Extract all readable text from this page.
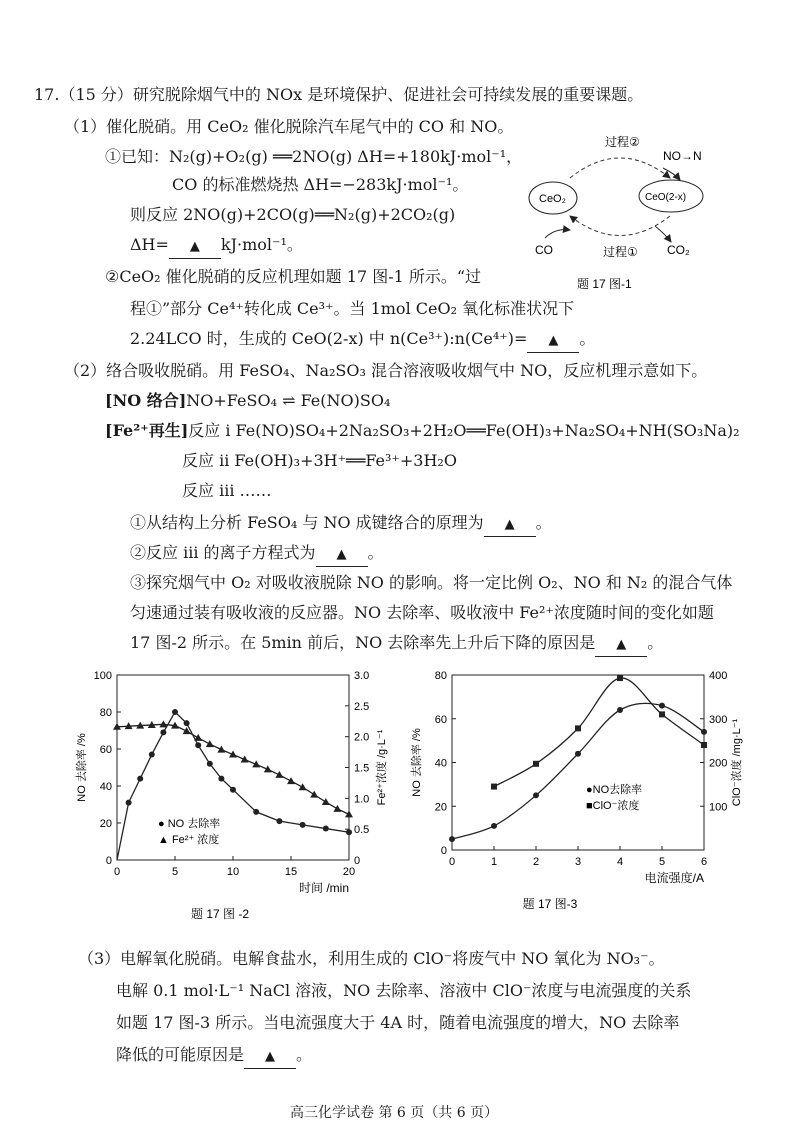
17.（15 分）研究脱除烟气中的 NOx 是环境保护、促进社会可持续发展的重要课题。
（1）催化脱硝。用 CeO₂ 催化脱除汽车尾气中的 CO 和 NO。
①已知：N₂(g)+O₂(g) ══2NO(g) ΔH=+180kJ·mol⁻¹，
CO 的标准燃烧热 ΔH=−283kJ·mol⁻¹。
则反应 2NO(g)+2CO(g)══N₂(g)+2CO₂(g)
ΔH= ▲ kJ·mol⁻¹。
②CeO₂ 催化脱硝的反应机理如题 17 图-1 所示。“过
程①”部分 Ce⁴⁺转化成 Ce³⁺。当 1mol CeO₂ 氧化标准状况下
2.24LCO 时，生成的 CeO(2-x) 中 n(Ce³⁺):n(Ce⁴⁺)= ▲ 。
过程②
过程①
CeO₂	CeO(2-x)
NO→N
CO	CO₂
题 17 图-1
（2）络合吸收脱硝。用 FeSO₄、Na₂SO₃ 混合溶液吸收烟气中 NO，反应机理示意如下。
[NO 络合]NO+FeSO₄ ⇌ Fe(NO)SO₄
[Fe²⁺再生]反应 i Fe(NO)SO₄+2Na₂SO₃+2H₂O══Fe(OH)₃+Na₂SO₄+NH(SO₃Na)₂
反应 ii Fe(OH)₃+3H⁺══Fe³⁺+3H₂O
反应 iii ……
①从结构上分析 FeSO₄ 与 NO 成键络合的原理为 ▲ 。
②反应 iii 的离子方程式为 ▲ 。
③探究烟气中 O₂ 对吸收液脱除 NO 的影响。将一定比例 O₂、NO 和 N₂ 的混合气体
匀速通过装有吸收液的反应器。NO 去除率、吸收液中 Fe²⁺浓度随时间的变化如题
17 图-2 所示。在 5min 前后，NO 去除率先上升后下降的原因是 ▲ 。
0	5	10	15	20
0
20
40
60
80
100
0
0.5
1.0
1.5
2.0
2.5
3.0
NO 去除率 /%	Fe²⁺浓度 /g·L⁻¹
时间 /min
题 17 图 -2
● NO 去除率
▲ Fe²⁺ 浓度
0	1	2	3	4	5	6
0
20
40
60
80
100
200
300
400
NO 去除率 /%	ClO⁻浓度 /mg·L⁻¹
电流强度/A
题 17 图-3
●NO去除率
■ClO⁻浓度
（3）电解氧化脱硝。电解食盐水，利用生成的 ClO⁻将废气中 NO 氧化为 NO₃⁻。
电解 0.1 mol·L⁻¹ NaCl 溶液，NO 去除率、溶液中 ClO⁻浓度与电流强度的关系
如题 17 图-3 所示。当电流强度大于 4A 时，随着电流强度的增大，NO 去除率
降低的可能原因是 ▲ 。
高三化学试卷 第 6 页（共 6 页）
